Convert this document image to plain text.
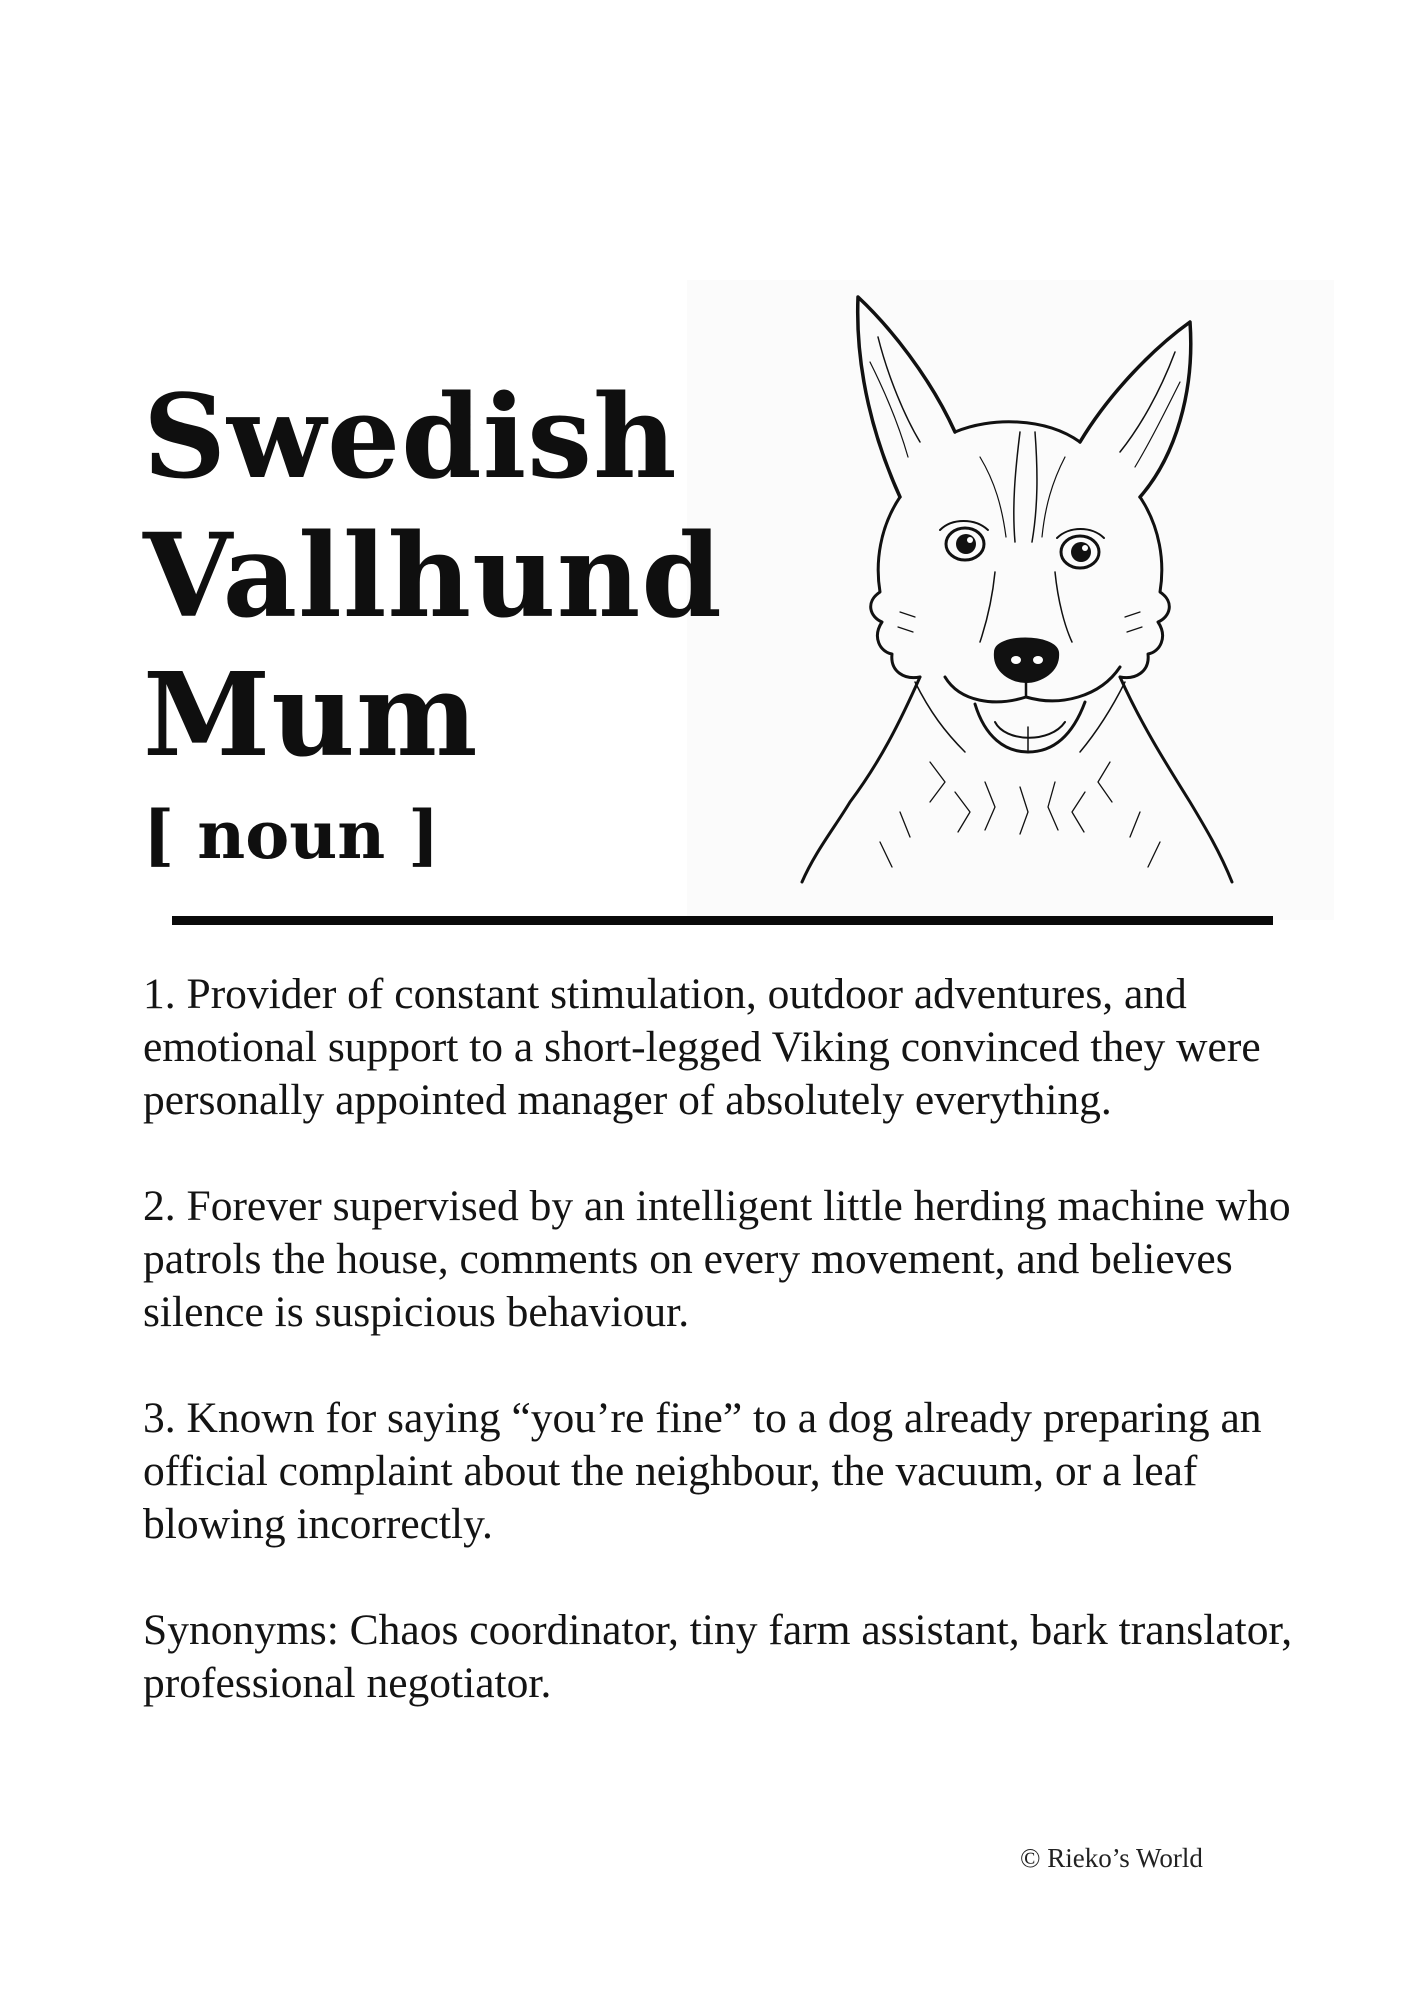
Swedish
Vallhund
Mum
[ noun ]

1. Provider of constant stimulation, outdoor adventures, and emotional support to a short-legged Viking convinced they were personally appointed manager of absolutely everything.

2. Forever supervised by an intelligent little herding machine who patrols the house, comments on every movement, and believes silence is suspicious behaviour.

3. Known for saying “you’re fine” to a dog already preparing an official complaint about the neighbour, the vacuum, or a leaf blowing incorrectly.

Synonyms: Chaos coordinator, tiny farm assistant, bark translator, professional negotiator.

© Rieko’s World
